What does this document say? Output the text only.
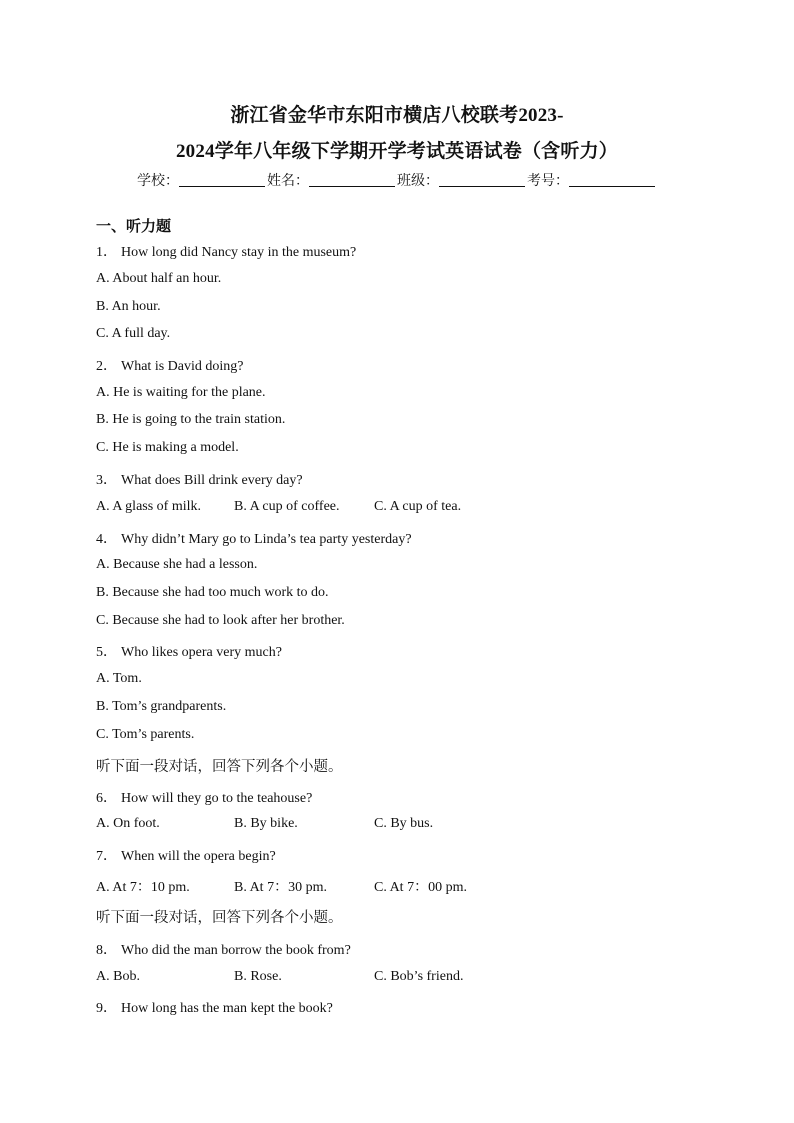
浙江省金华市东阳市横店八校联考2023-
2024学年八年级下学期开学考试英语试卷（含听力）
学校：	姓名：	班级：	考号：
一、听力题
1． How long did Nancy stay in the museum?
A. About half an hour.
B. An hour.
C. A full day.
2． What is David doing?
A. He is waiting for the plane.
B. He is going to the train station.
C. He is making a model.
3． What does Bill drink every day?
A. A glass of milk. B. A cup of coffee. C. A cup of tea.
4． Why didn’t Mary go to Linda’s tea party yesterday?
A. Because she had a lesson.
B. Because she had too much work to do.
C. Because she had to look after her brother.
5． Who likes opera very much?
A. Tom.
B. Tom’s grandparents.
C. Tom’s parents.
听下面一段对话，回答下列各个小题。
6． How will they go to the teahouse?
A. On foot.	B. By bike.	C. By bus.
7． When will the opera begin?
A. At 7：10 pm.	B. At 7：30 pm.	C. At 7：00 pm.
听下面一段对话，回答下列各个小题。
8． Who did the man borrow the book from?
A. Bob.	B. Rose.	C. Bob’s friend.
9． How long has the man kept the book?
